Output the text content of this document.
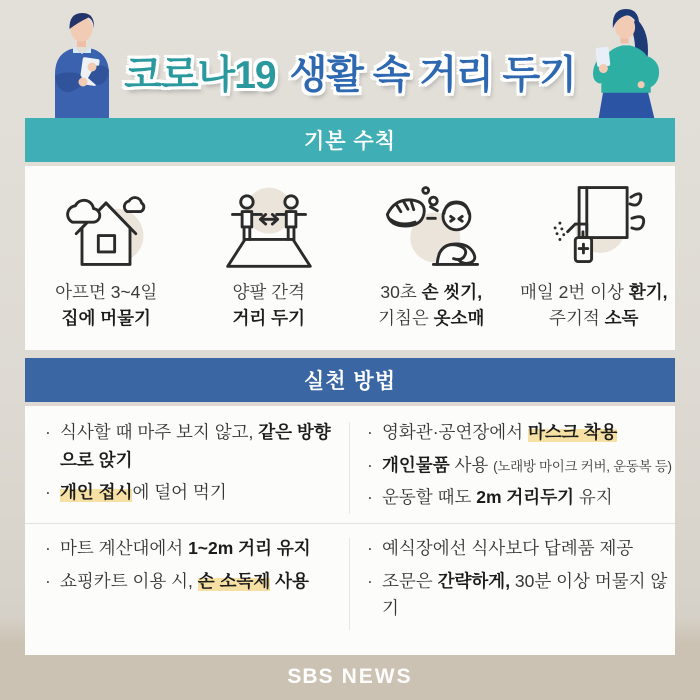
코로나19 생활 속 거리 두기
기본 수칙
아프면 3~4일
집에 머물기
양팔 간격
거리 두기
30초 손 씻기,
기침은 옷소매
매일 2번 이상 환기,
주기적 소독
실천 방법
· 식사할 때 마주 보지 않고, 같은 방향으로 앉기

· 개인 접시에 덜어 먹기

· 마트 계산대에서 1~2m 거리 유지

· 쇼핑카트 이용 시, 손 소독제 사용

· 영화관·공연장에서 마스크 착용

· 개인물품 사용 (노래방 마이크 커버, 운동복 등)

· 운동할 때도 2m 거리두기 유지

· 예식장에선 식사보다 답례품 제공

· 조문은 간략하게, 30분 이상 머물지 않기

SBS NEWS
